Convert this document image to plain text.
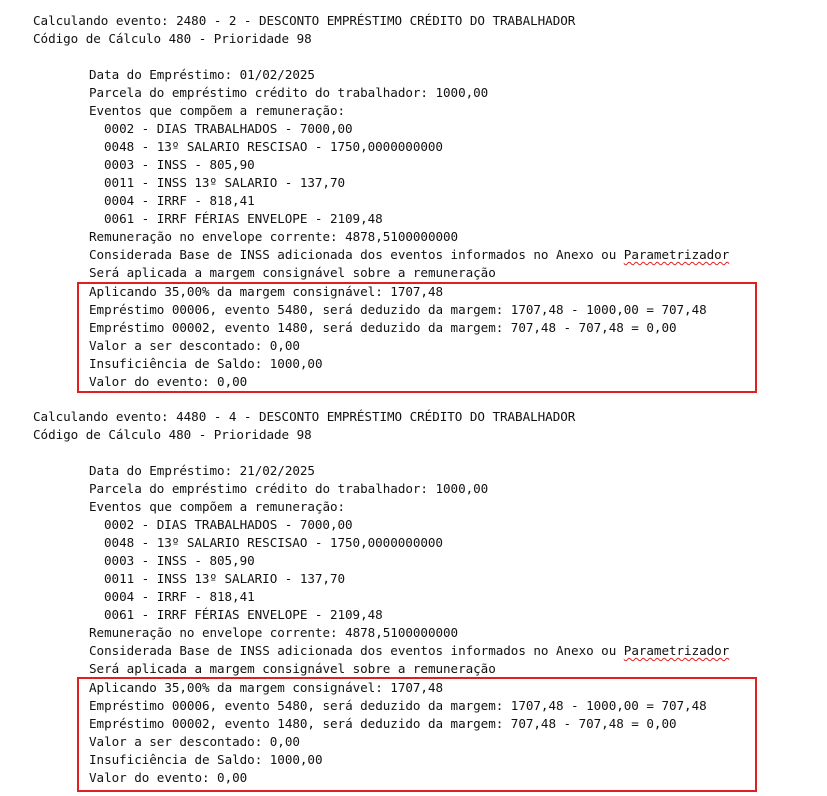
Calculando evento: 2480 - 2 - DESCONTO EMPRÉSTIMO CRÉDITO DO TRABALHADOR
Código de Cálculo 480 - Prioridade 98
Data do Empréstimo: 01/02/2025
Parcela do empréstimo crédito do trabalhador: 1000,00
Eventos que compõem a remuneração:
0002 - DIAS TRABALHADOS - 7000,00
0048 - 13º SALARIO RESCISAO - 1750,0000000000
0003 - INSS - 805,90
0011 - INSS 13º SALARIO - 137,70
0004 - IRRF - 818,41
0061 - IRRF FÉRIAS ENVELOPE - 2109,48
Remuneração no envelope corrente: 4878,5100000000
Considerada Base de INSS adicionada dos eventos informados no Anexo ou Parametrizador
Será aplicada a margem consignável sobre a remuneração
Aplicando 35,00% da margem consignável: 1707,48
Empréstimo 00006, evento 5480, será deduzido da margem: 1707,48 - 1000,00 = 707,48
Empréstimo 00002, evento 1480, será deduzido da margem: 707,48 - 707,48 = 0,00
Valor a ser descontado: 0,00
Insuficiência de Saldo: 1000,00
Valor do evento: 0,00
Calculando evento: 4480 - 4 - DESCONTO EMPRÉSTIMO CRÉDITO DO TRABALHADOR
Código de Cálculo 480 - Prioridade 98
Data do Empréstimo: 21/02/2025
Parcela do empréstimo crédito do trabalhador: 1000,00
Eventos que compõem a remuneração:
0002 - DIAS TRABALHADOS - 7000,00
0048 - 13º SALARIO RESCISAO - 1750,0000000000
0003 - INSS - 805,90
0011 - INSS 13º SALARIO - 137,70
0004 - IRRF - 818,41
0061 - IRRF FÉRIAS ENVELOPE - 2109,48
Remuneração no envelope corrente: 4878,5100000000
Considerada Base de INSS adicionada dos eventos informados no Anexo ou Parametrizador
Será aplicada a margem consignável sobre a remuneração
Aplicando 35,00% da margem consignável: 1707,48
Empréstimo 00006, evento 5480, será deduzido da margem: 1707,48 - 1000,00 = 707,48
Empréstimo 00002, evento 1480, será deduzido da margem: 707,48 - 707,48 = 0,00
Valor a ser descontado: 0,00
Insuficiência de Saldo: 1000,00
Valor do evento: 0,00
